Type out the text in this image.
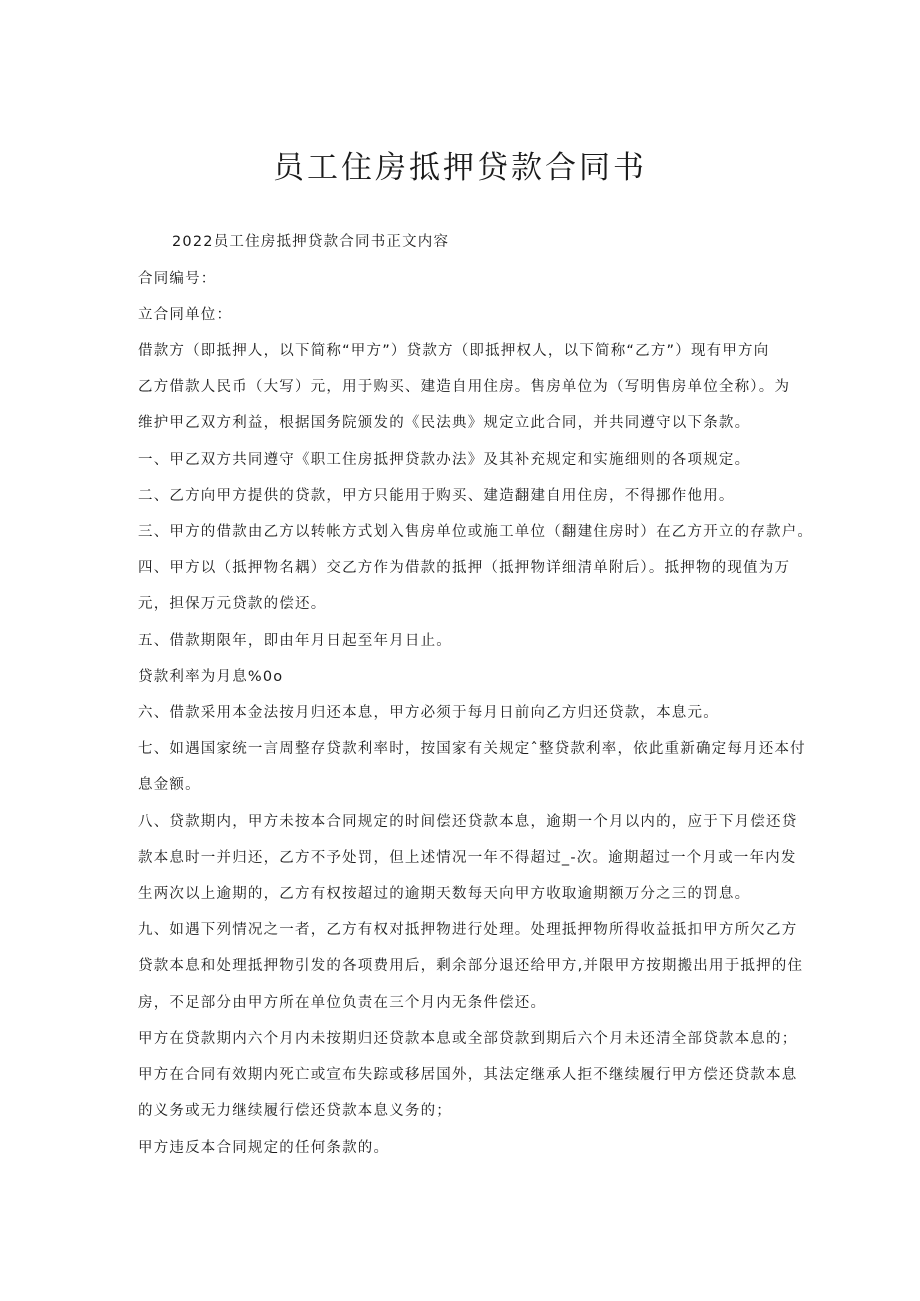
员工住房抵押贷款合同书
2022员工住房抵押贷款合同书正文内容
合同编号：
立合同单位：
借款方（即抵押人，以下简称“甲方”）贷款方（即抵押权人，以下简称“乙方”）现有甲方向
乙方借款人民币（大写）元，用于购买、建造自用住房。售房单位为（写明售房单位全称）。为
维护甲乙双方利益，根据国务院颁发的《民法典》规定立此合同，并共同遵守以下条款。
一、甲乙双方共同遵守《职工住房抵押贷款办法》及其补充规定和实施细则的各项规定。
二、乙方向甲方提供的贷款，甲方只能用于购买、建造翻建自用住房，不得挪作他用。
三、甲方的借款由乙方以转帐方式划入售房单位或施工单位（翻建住房时）在乙方开立的存款户。
四、甲方以（抵押物名耦）交乙方作为借款的抵押（抵押物详细清单附后）。抵押物的现值为万
元，担保万元贷款的偿还。
五、借款期限年，即由年月日起至年月日止。
贷款利率为月息%0o
六、借款采用本金法按月归还本息，甲方必须于每月日前向乙方归还贷款，本息元。
七、如遇国家统一言周整存贷款利率时，按国家有关规定ˆ整贷款利率，依此重新确定每月还本付
息金额。
八、贷款期内，甲方未按本合同规定的时间偿还贷款本息，逾期一个月以内的，应于下月偿还贷
款本息时一并归还，乙方不予处罚，但上述情况一年不得超过_-次。逾期超过一个月或一年内发
生两次以上逾期的，乙方有权按超过的逾期天数每天向甲方收取逾期额万分之三的罚息。
九、如遇下列情况之一者，乙方有权对抵押物进行处理。处理抵押物所得收益抵扣甲方所欠乙方
贷款本息和处理抵押物引发的各项费用后，剩余部分退还给甲方,并限甲方按期搬出用于抵押的住
房，不足部分由甲方所在单位负责在三个月内无条件偿还。
甲方在贷款期内六个月内未按期归还贷款本息或全部贷款到期后六个月未还清全部贷款本息的；
甲方在合同有效期内死亡或宣布失踪或移居国外，其法定继承人拒不继续履行甲方偿还贷款本息
的义务或无力继续履行偿还贷款本息义务的；
甲方违反本合同规定的任何条款的。
